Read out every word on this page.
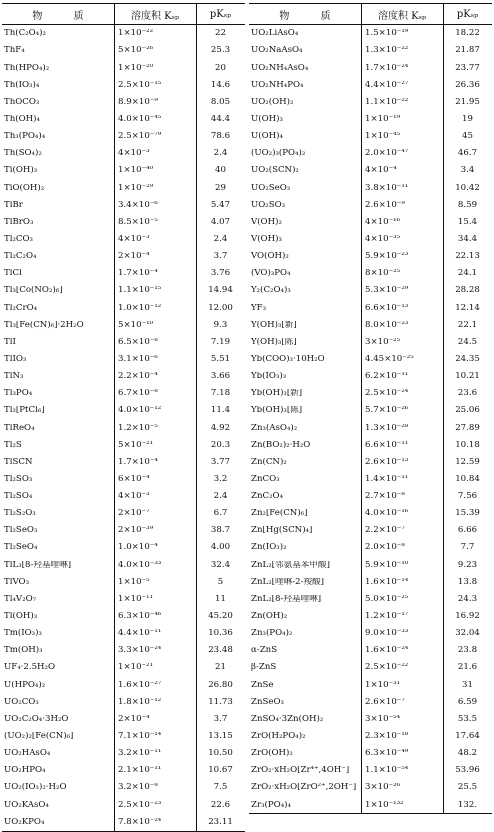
物 质	溶度积 Kₛₚ	pKₛₚ
Th(C₂O₄)₂	1×10⁻²²	22
ThF₄	5×10⁻²⁶	25.3
Th(HPO₄)₂	1×10⁻²⁰	20
Th(IO₃)₄	2.5×10⁻¹⁵	14.6
ThOCO₃	8.9×10⁻⁹	8.05
Th(OH)₄	4.0×10⁻⁴⁵	44.4
Th₃(PO₄)₄	2.5×10⁻⁷⁹	78.6
Th(SO₄)₂	4×10⁻³	2.4
Ti(OH)₃	1×10⁻⁴⁰	40
TiO(OH)₂	1×10⁻²⁹	29
TlBr	3.4×10⁻⁶	5.47
TlBrO₃	8.5×10⁻⁵	4.07
Tl₂CO₃	4×10⁻³	2.4
Tl₂C₂O₄	2×10⁻⁴	3.7
TlCl	1.7×10⁻⁴	3.76
Tl₃[Co(NO₂)₆]	1.1×10⁻¹⁵	14.94
Tl₂CrO₄	1.0×10⁻¹²	12.00
Tl₃[Fe(CN)₆]·2H₂O	5×10⁻¹⁰	9.3
TlI	6.5×10⁻⁸	7.19
TlIO₃	3.1×10⁻⁶	5.51
TlN₃	2.2×10⁻⁴	3.66
Tl₃PO₄	6.7×10⁻⁸	7.18
Tl₂[PtCl₆]	4.0×10⁻¹²	11.4
TlReO₄	1.2×10⁻⁵	4.92
Tl₂S	5×10⁻²¹	20.3
TlSCN	1.7×10⁻⁴	3.77
Tl₂SO₃	6×10⁻⁴	3.2
Tl₂SO₄	4×10⁻³	2.4
Tl₂S₂O₃	2×10⁻⁷	6.7
Tl₂SeO₃	2×10⁻³⁹	38.7
Tl₂SeO₄	1.0×10⁻⁴	4.00
TlL₃[8-羟基喹啉]	4.0×10⁻³³	32.4
TlVO₃	1×10⁻⁵	5
Tl₄V₂O₇	1×10⁻¹¹	11
Tl(OH)₃	6.3×10⁻⁴⁶	45.20
Tm(IO₃)₃	4.4×10⁻¹¹	10.36
Tm(OH)₃	3.3×10⁻²⁴	23.48
UF₄·2.5H₂O	1×10⁻²¹	21
U(HPO₄)₂	1.6×10⁻²⁷	26.80
UO₂CO₃	1.8×10⁻¹²	11.73
UO₂C₂O₄·3H₂O	2×10⁻⁴	3.7
(UO₂)₂[Fe(CN)₆]	7.1×10⁻¹⁴	13.15
UO₂HAsO₄	3.2×10⁻¹¹	10.50
UO₂HPO₄	2.1×10⁻¹¹	10.67
UO₂(IO₃)₂·H₂O	3.2×10⁻⁸	7.5
UO₂KAsO₄	2.5×10⁻²³	22.6
UO₂KPO₄	7.8×10⁻²⁴	23.11
物 质	溶度积 Kₛₚ	pKₛₚ
UO₂LiAsO₄	1.5×10⁻¹⁹	18.22
UO₂NaAsO₄	1.3×10⁻²²	21.87
UO₂NH₄AsO₄	1.7×10⁻²⁴	23.77
UO₂NH₄PO₄	4.4×10⁻²⁷	26.36
UO₂(OH)₂	1.1×10⁻²²	21.95
U(OH)₃	1×10⁻¹⁹	19
U(OH)₄	1×10⁻⁴⁵	45
(UO₂)₃(PO₄)₂	2.0×10⁻⁴⁷	46.7
UO₂(SCN)₂	4×10⁻⁴	3.4
UO₂SeO₃	3.8×10⁻¹¹	10.42
UO₂SO₃	2.6×10⁻⁹	8.59
V(OH)₂	4×10⁻¹⁶	15.4
V(OH)₃	4×10⁻³⁵	34.4
VO(OH)₂	5.9×10⁻²³	22.13
(VO)₃PO₄	8×10⁻²⁵	24.1
Y₂(C₂O₄)₃	5.3×10⁻²⁹	28.28
YF₃	6.6×10⁻¹³	12.14
Y(OH)₃[新]	8.0×10⁻²³	22.1
Y(OH)₃[陈]	3×10⁻²⁵	24.5
Yb(COO)₃·10H₂O	4.45×10⁻²⁵	24.35
Yb(IO₃)₃	6.2×10⁻¹¹	10.21
Yb(OH)₃[新]	2.5×10⁻²⁴	23.6
Yb(OH)₃[陈]	5.7×10⁻²⁶	25.06
Zn₃(AsO₄)₂	1.3×10⁻²⁸	27.89
Zn(BO₂)₂·H₂O	6.6×10⁻¹¹	10.18
Zn(CN)₂	2.6×10⁻¹³	12.59
ZnCO₃	1.4×10⁻¹¹	10.84
ZnC₂O₄	2.7×10⁻⁸	7.56
Zn₂[Fe(CN)₆]	4.0×10⁻¹⁶	15.39
Zn[Hg(SCN)₄]	2.2×10⁻⁷	6.66
Zn(IO₃)₂	2.0×10⁻⁸	7.7
ZnL₂[邻氨基苯甲酸]	5.9×10⁻¹⁰	9.23
ZnL₂[喹啉-2-羧酸]	1.6×10⁻¹⁴	13.8
ZnL₂[8-羟基喹啉]	5.0×10⁻²⁵	24.3
Zn(OH)₂	1.2×10⁻¹⁷	16.92
Zn₃(PO₄)₂	9.0×10⁻³³	32.04
α-ZnS	1.6×10⁻²⁴	23.8
β-ZnS	2.5×10⁻²²	21.6
ZnSe	1×10⁻³¹	31
ZnSeO₃	2.6×10⁻⁷	6.59
ZnSO₄·3Zn(OH)₂	3×10⁻⁵⁴	53.5
ZrO(H₂PO₄)₂	2.3×10⁻¹⁸	17.64
ZrO(OH)₂	6.3×10⁻⁴⁹	48.2
ZrO₂·xH₂O[Zr⁴⁺,4OH⁻]	1.1×10⁻⁵⁴	53.96
ZrO₂·xH₂O[ZrO²⁺,2OH⁻]	3×10⁻²⁶	25.5
Zr₃(PO₄)₄	1×10⁻¹³²	132.
